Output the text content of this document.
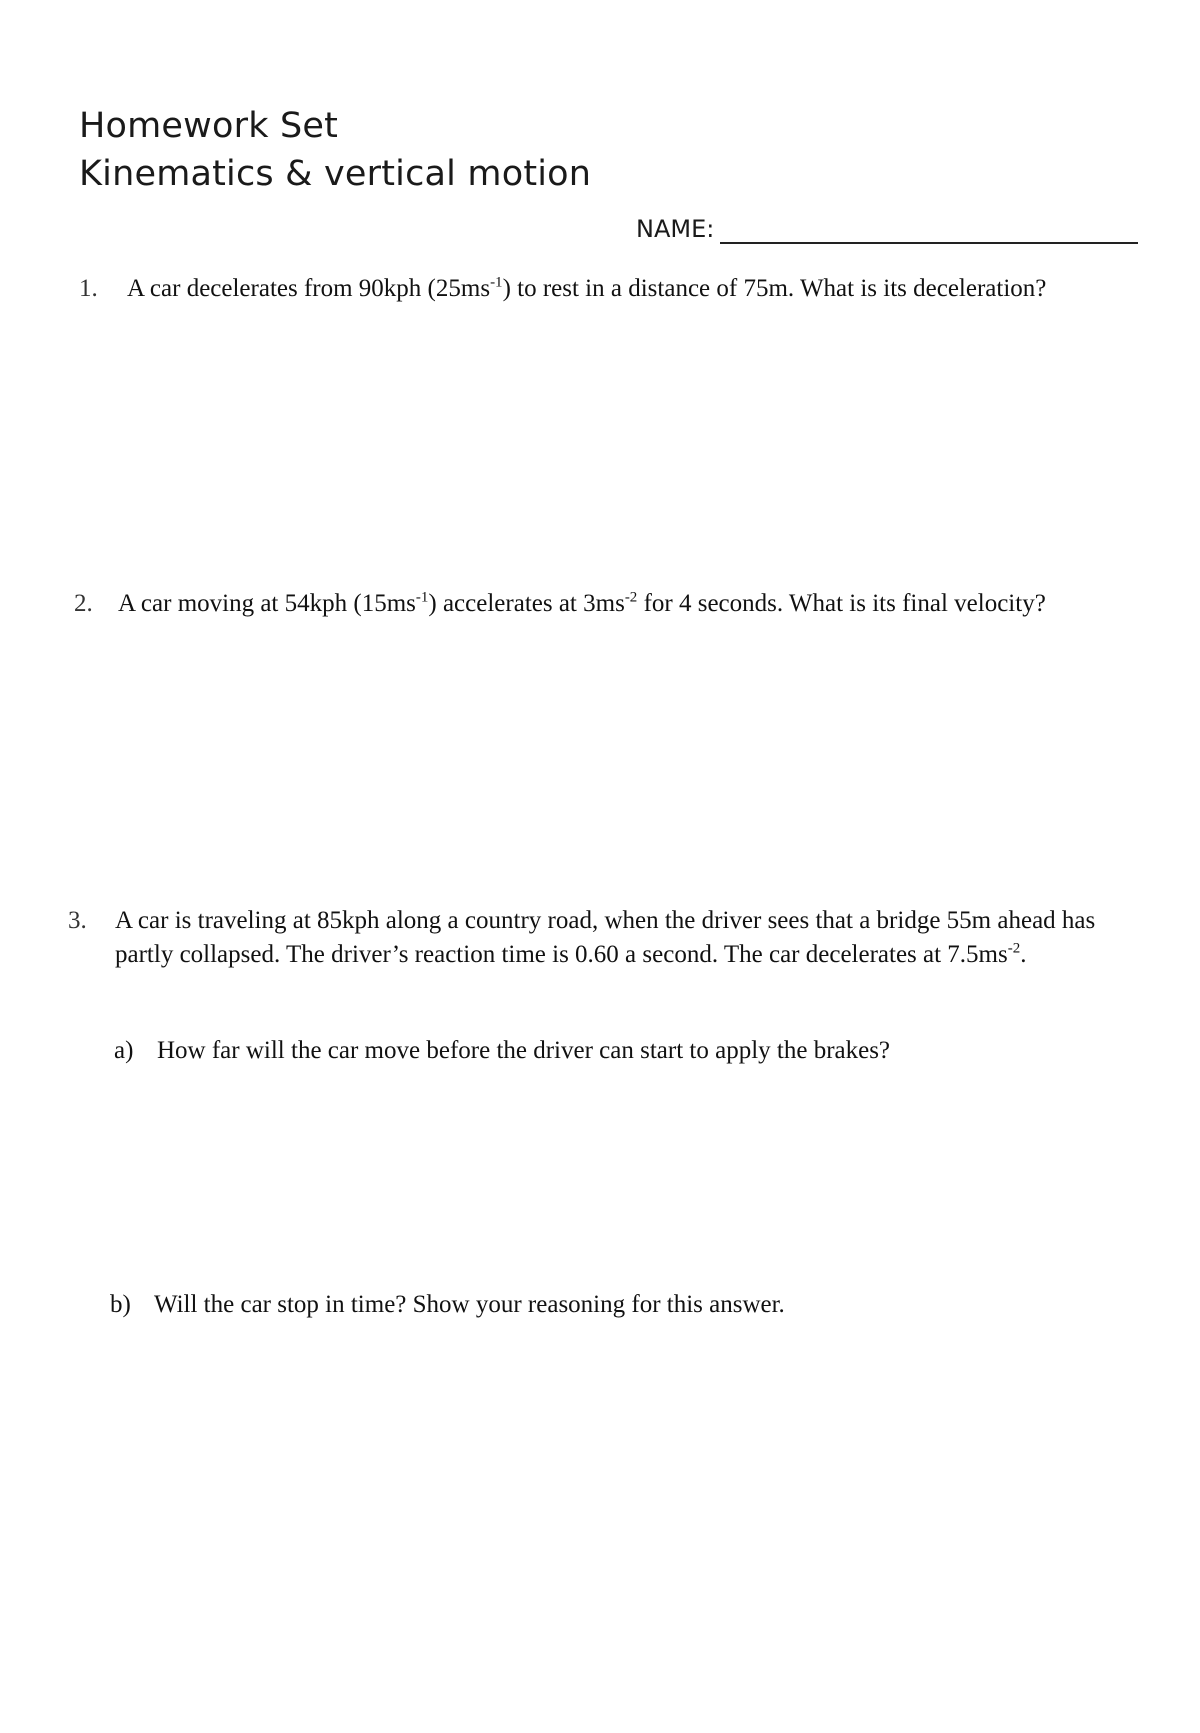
Homework Set
Kinematics & vertical motion
NAME:
1. A car decelerates from 90kph $(25ms^{-1})$ to rest in a distance of 75m. What is its deceleration?
2. A car moving at 54kph $(15ms^{-1})$ accelerates at $3ms^{-2}$ for 4 seconds. What is its final velocity?
3. A car is traveling at 85kph along a country road, when the driver sees that a bridge 55m ahead has partly collapsed. The driver’s reaction time is 0.60 a second. The car decelerates at $7.5ms^{-2}$.
a) How far will the car move before the driver can start to apply the brakes?
b) Will the car stop in time? Show your reasoning for this answer.
